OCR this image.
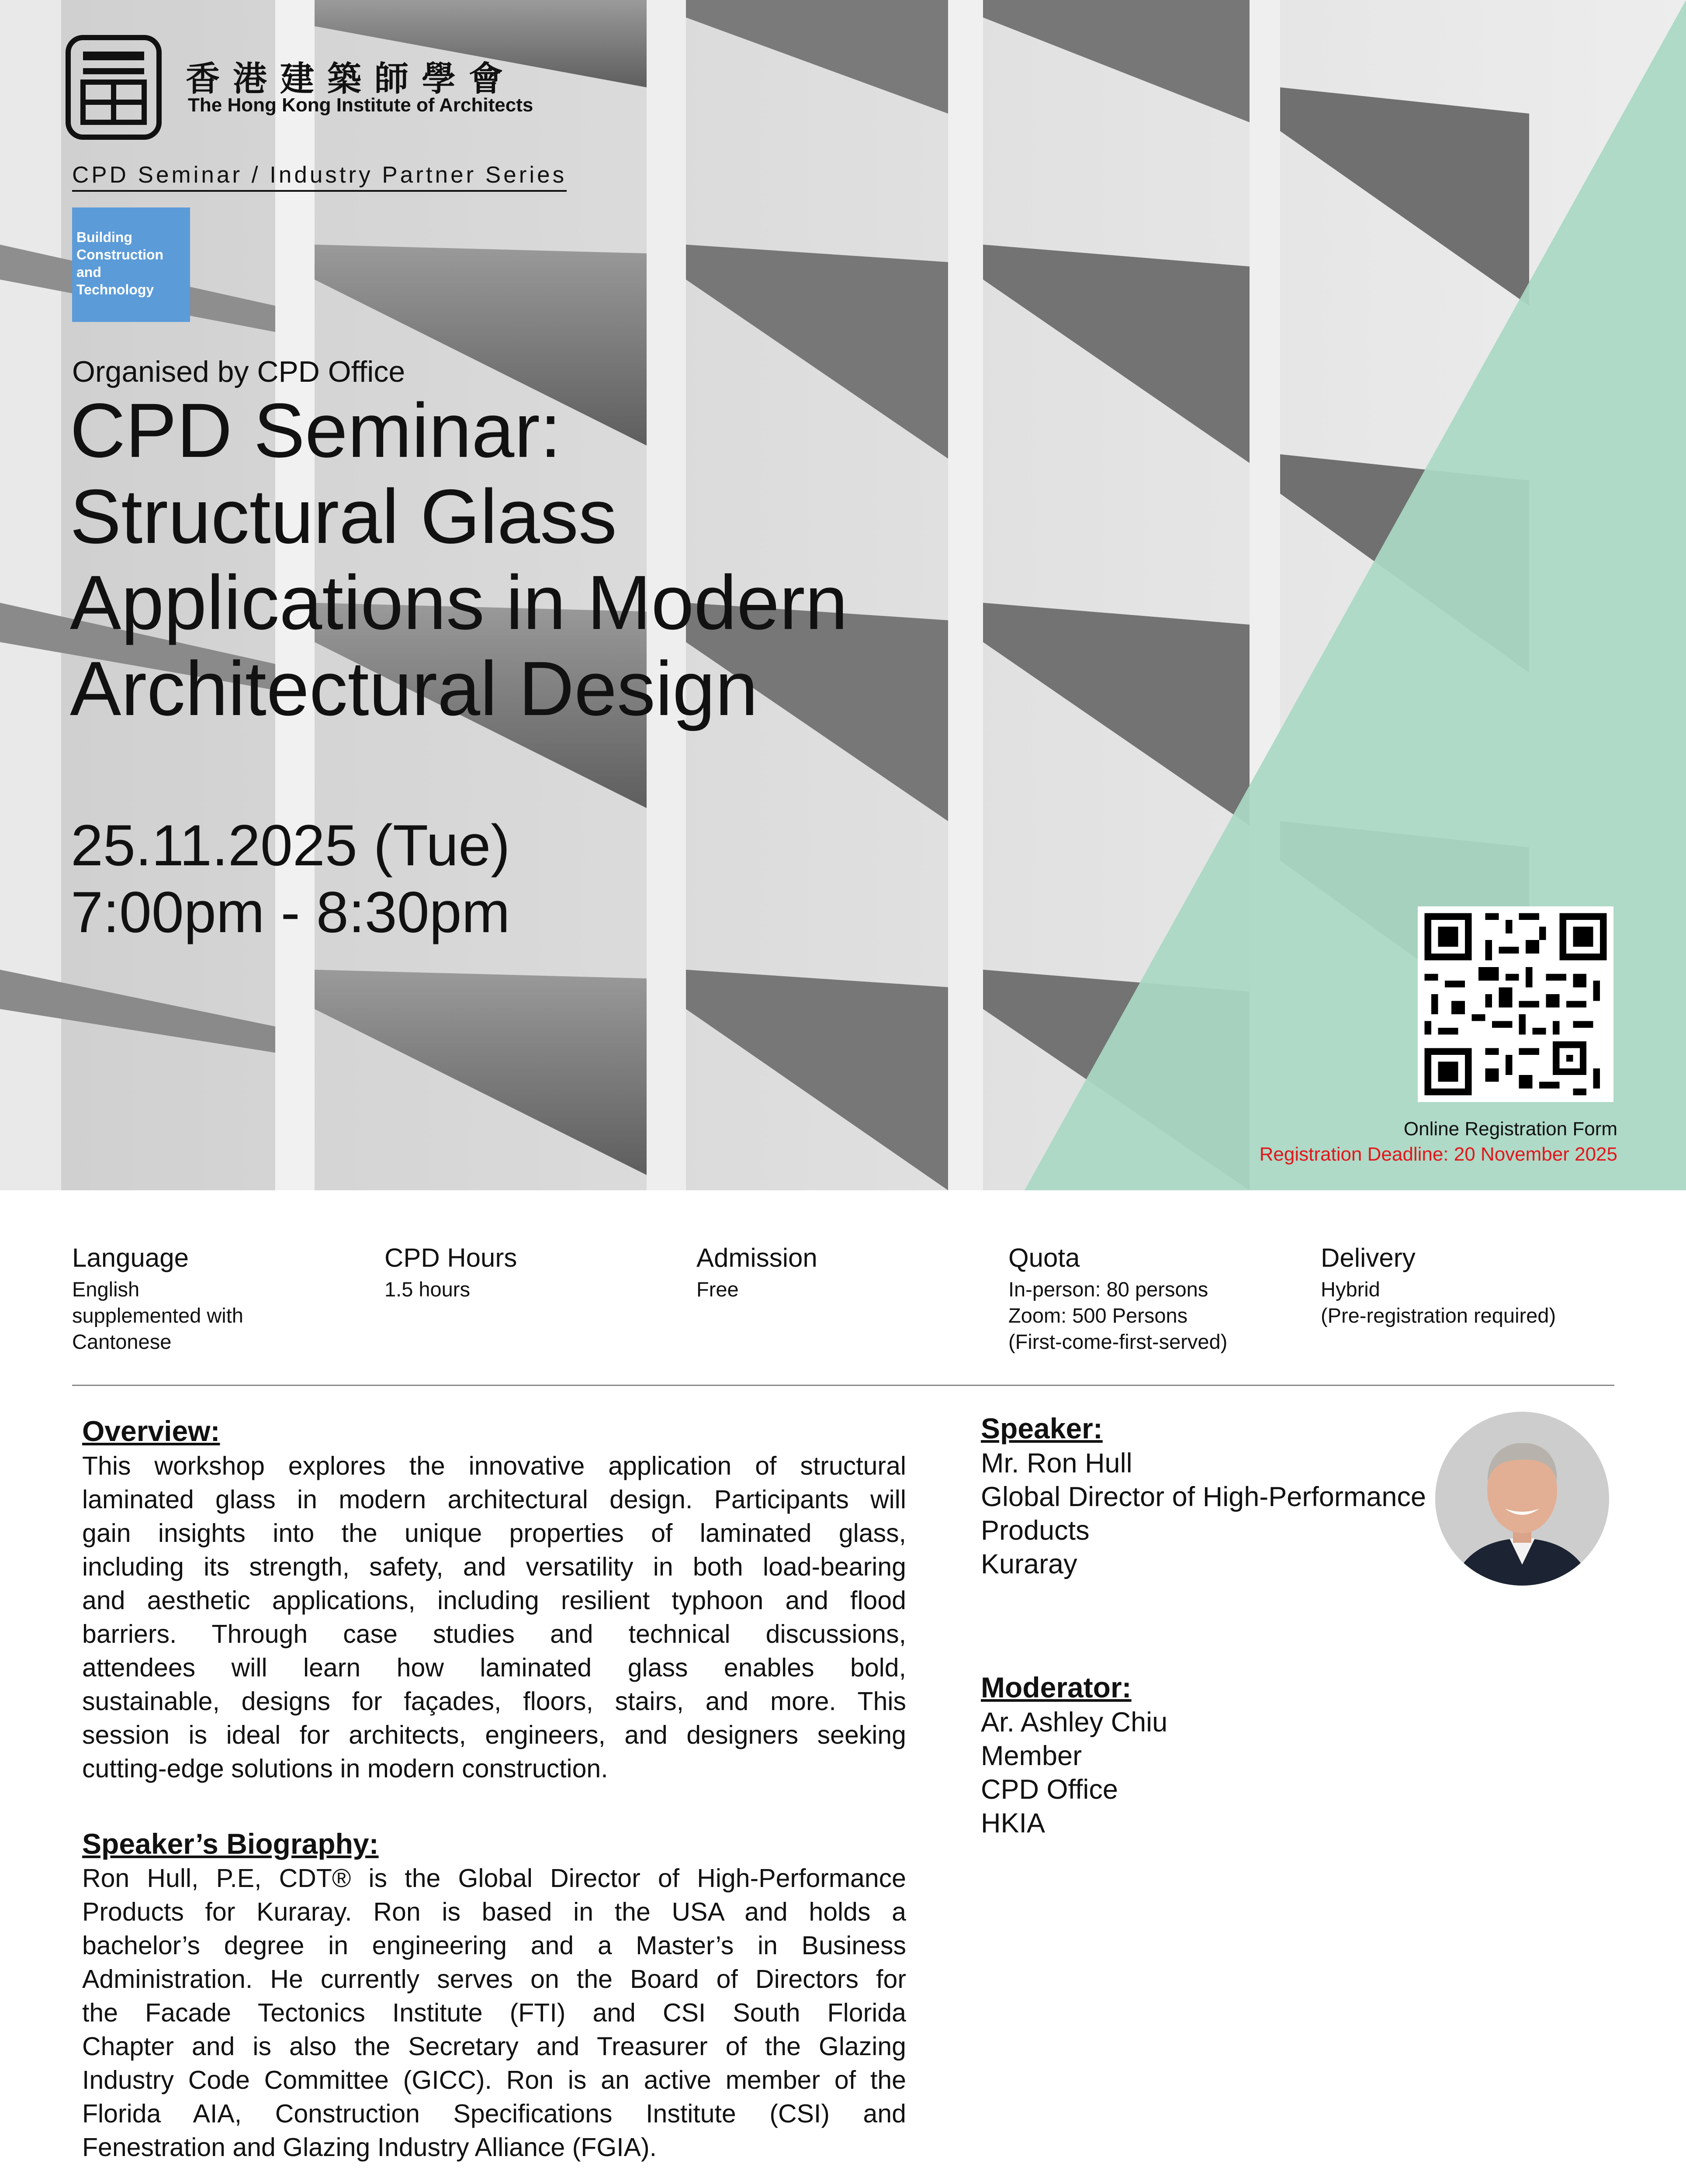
香港建築師學會
The Hong Kong Institute of Architects
CPD Seminar / Industry Partner Series
Building
Construction
and
Technology
Organised by CPD Office
CPD Seminar:
Structural Glass
Applications in Modern
Architectural Design
25.11.2025 (Tue)
7:00pm - 8:30pm
Online Registration Form
Registration Deadline: 20 November 2025
Language
English
supplemented with
Cantonese
CPD Hours
1.5 hours
Admission
Free
Quota
In-person: 80 persons
Zoom: 500 Persons
(First-come-first-served)
Delivery
Hybrid
(Pre-registration required)
Overview:
This workshop explores the innovative application of structural
laminated glass in modern architectural design. Participants will
gain insights into the unique properties of laminated glass,
including its strength, safety, and versatility in both load-bearing
and aesthetic applications, including resilient typhoon and flood
barriers. Through case studies and technical discussions,
attendees will learn how laminated glass enables bold,
sustainable, designs for façades, floors, stairs, and more. This
session is ideal for architects, engineers, and designers seeking
cutting-edge solutions in modern construction.
Speaker’s Biography:
Ron Hull, P.E, CDT® is the Global Director of High-Performance
Products for Kuraray. Ron is based in the USA and holds a
bachelor’s degree in engineering and a Master’s in Business
Administration. He currently serves on the Board of Directors for
the Facade Tectonics Institute (FTI) and CSI South Florida
Chapter and is also the Secretary and Treasurer of the Glazing
Industry Code Committee (GICC). Ron is an active member of the
Florida AIA, Construction Specifications Institute (CSI) and
Fenestration and Glazing Industry Alliance (FGIA).
Speaker:
Mr. Ron Hull
Global Director of High-Performance
Products
Kuraray
Moderator:
Ar. Ashley Chiu
Member
CPD Office
HKIA
